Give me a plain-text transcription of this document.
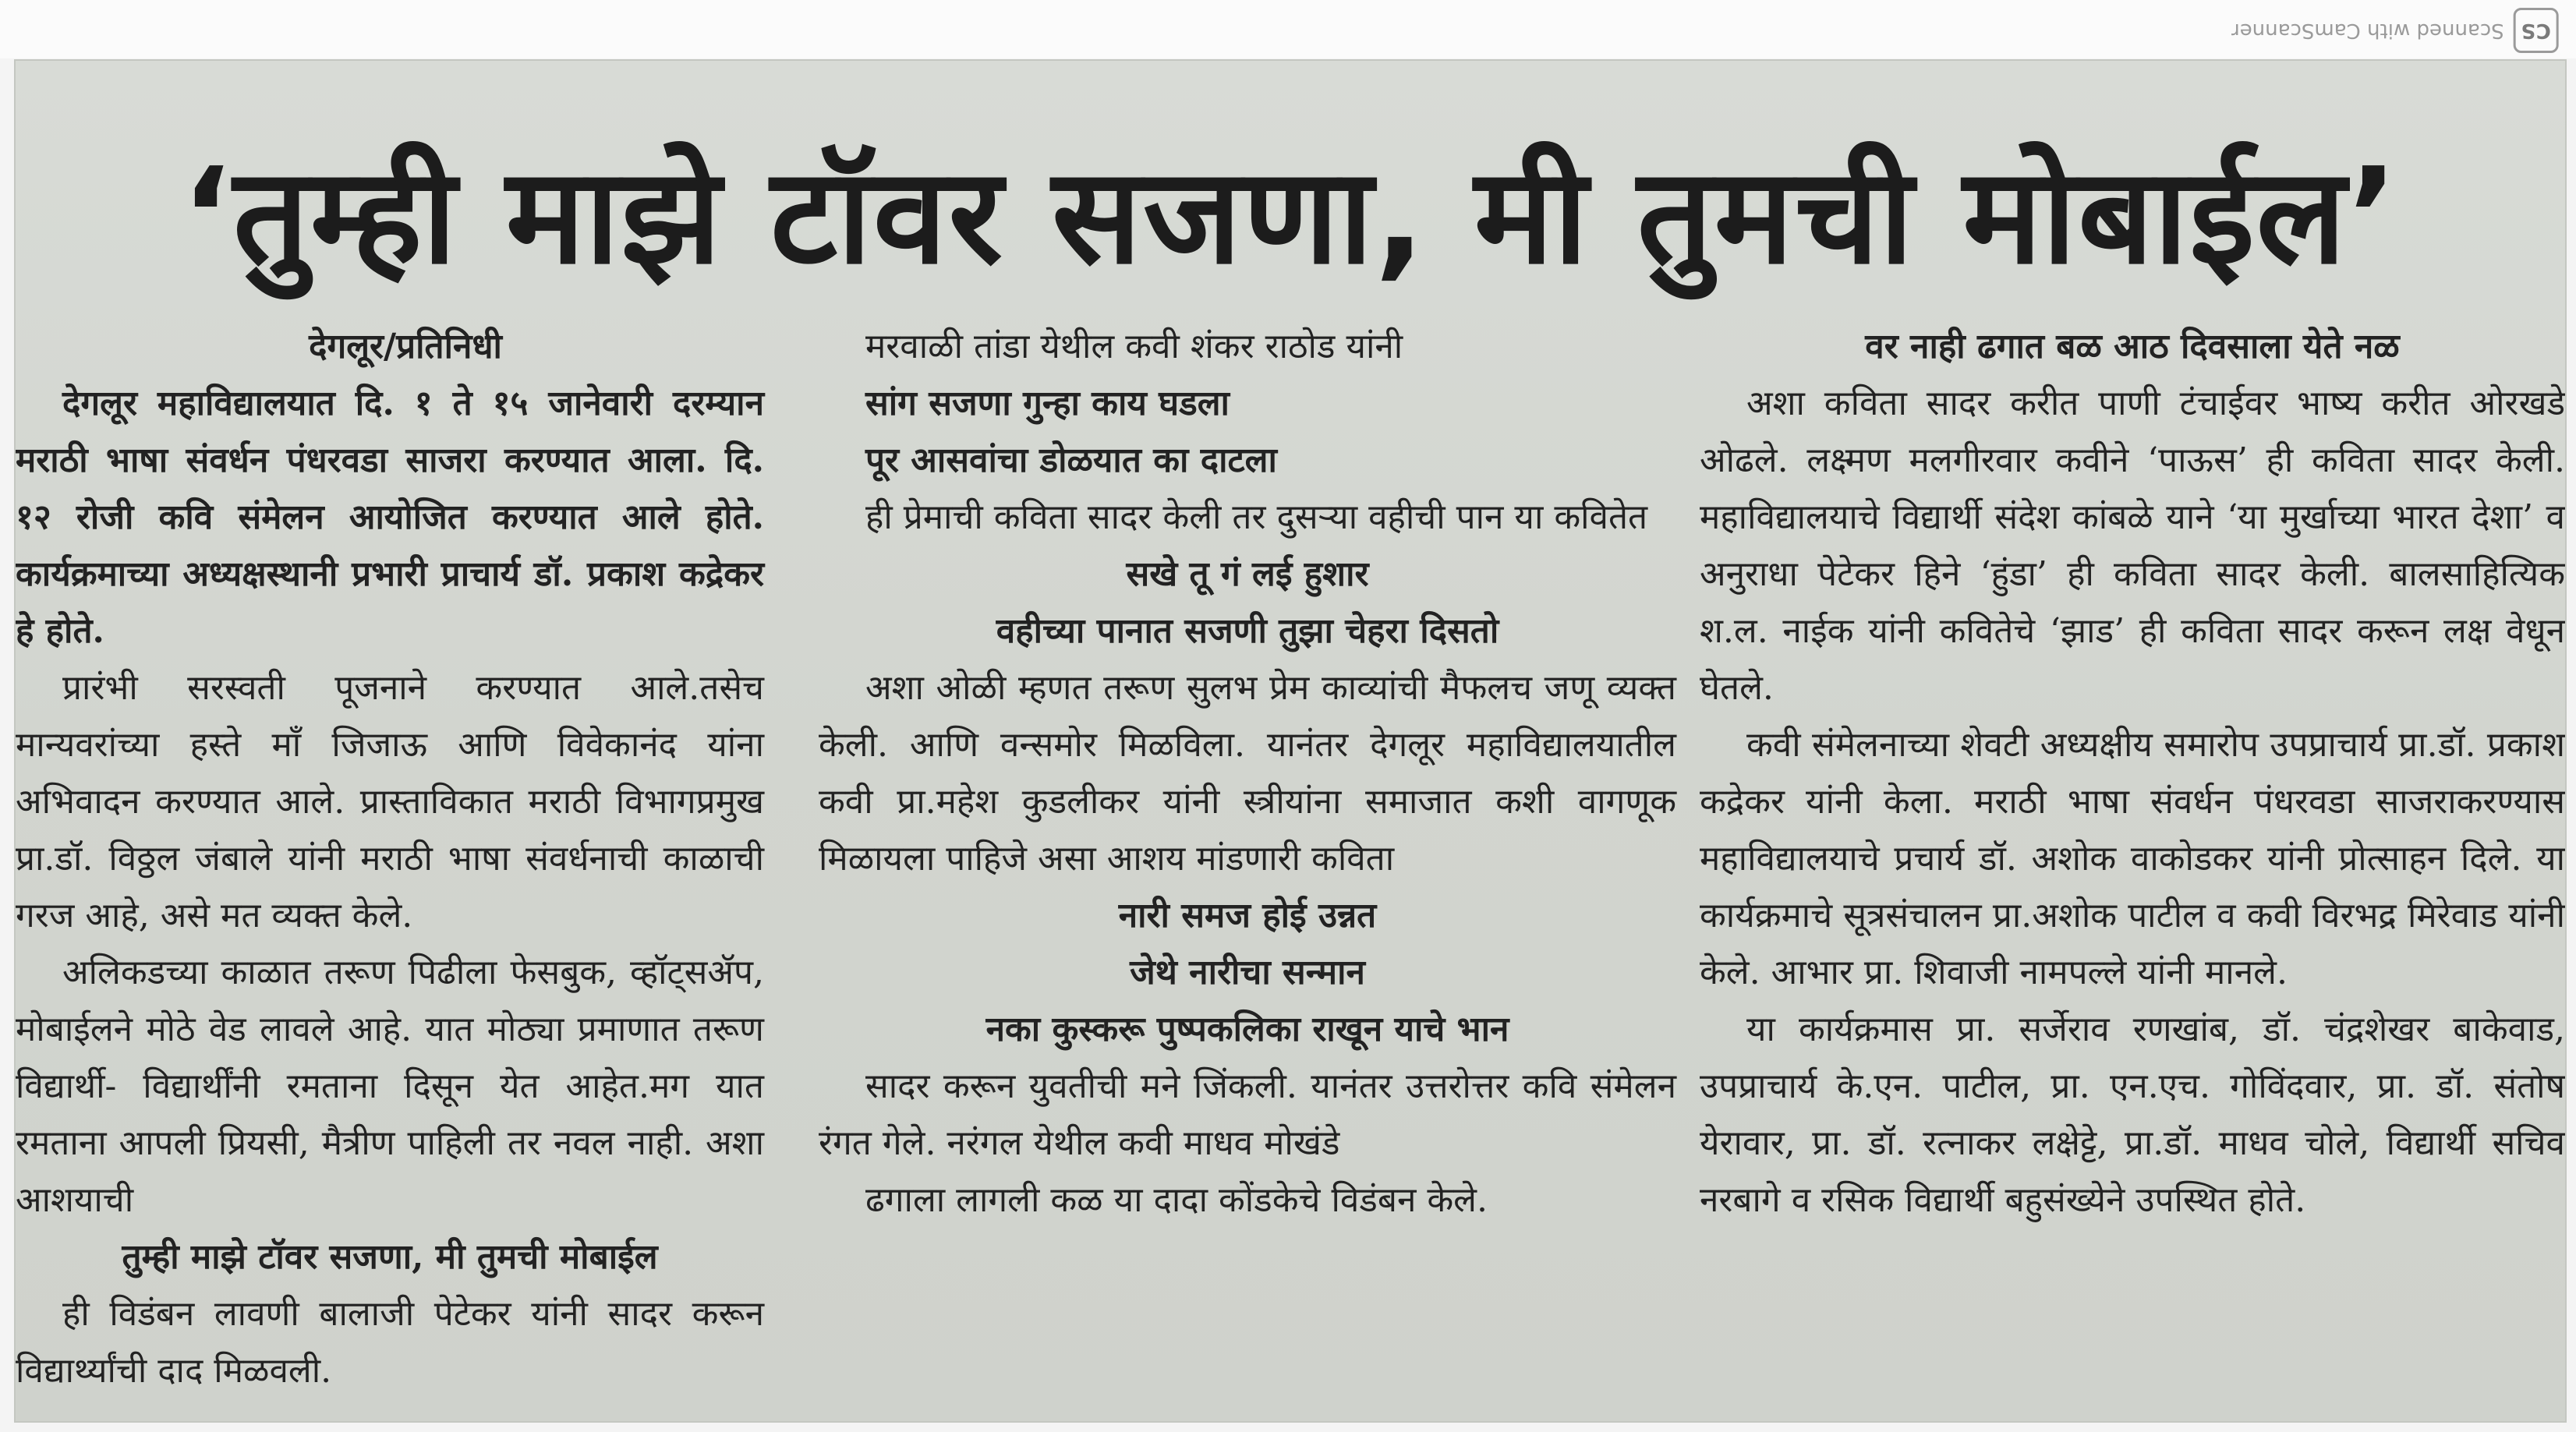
CS
Scanned with CamScanner
‘तुम्ही माझे टॉवर सजणा, मी तुमची मोबाईल’

देगलूर/प्रतिनिधी

देगलूर महाविद्यालयात दि. १ ते १५ जानेवारी दरम्यान मराठी भाषा संवर्धन पंधरवडा साजरा करण्यात आला. दि. १२ रोजी कवि संमेलन आयोजित करण्यात आले होते. कार्यक्रमाच्या अध्यक्षस्थानी प्रभारी प्राचार्य डॉ. प्रकाश कद्रेकर हे होते.

प्रारंभी सरस्वती पूजनाने करण्यात आले.तसेच मान्यवरांच्या हस्ते माँ जिजाऊ आणि विवेकानंद यांना अभिवादन करण्यात आले. प्रास्ताविकात मराठी विभागप्रमुख प्रा.डॉ. विठ्ठल जंबाले यांनी मराठी भाषा संवर्धनाची काळाची गरज आहे, असे मत व्यक्त केले.

अलिकडच्या काळात तरूण पिढीला फेसबुक, व्हॉट्सॲप, मोबाईलने मोठे वेड लावले आहे. यात मोठ्या प्रमाणात तरूण विद्यार्थी- विद्यार्थींनी रमताना दिसून येत आहेत.मग यात रमताना आपली प्रियसी, मैत्रीण पाहिली तर नवल नाही. अशा आशयाची

तुम्ही माझे टॉवर सजणा, मी तुमची मोबाईल

ही विडंबन लावणी बालाजी पेटेकर यांनी सादर करून विद्यार्थ्यांची दाद मिळवली.

मरवाळी तांडा येथील कवी शंकर राठोड यांनी

सांग सजणा गुन्हा काय घडला

पूर आसवांचा डोळयात का दाटला

ही प्रेमाची कविता सादर केली तर दुसऱ्या वहीची पान या कवितेत

सखे तू गं लई हुशार

वहीच्या पानात सजणी तुझा चेहरा दिसतो

अशा ओळी म्हणत तरूण सुलभ प्रेम काव्यांची मैफलच जणू व्यक्त केली. आणि वन्समोर मिळविला. यानंतर देगलूर महाविद्यालयातील कवी प्रा.महेश कुडलीकर यांनी स्त्रीयांना समाजात कशी वागणूक मिळायला पाहिजे असा आशय मांडणारी कविता

नारी समज होई उन्नत

जेथे नारीचा सन्मान

नका कुस्करू पुष्पकलिका राखून याचे भान

सादर करून युवतीची मने जिंकली. यानंतर उत्तरोत्तर कवि संमेलन रंगत गेले. नरंगल येथील कवी माधव मोखंडे

ढगाला लागली कळ या दादा कोंडकेचे विडंबन केले.

वर नाही ढगात बळ आठ दिवसाला येते नळ

अशा कविता सादर करीत पाणी टंचाईवर भाष्य करीत ओरखडे ओढले. लक्ष्मण मलगीरवार कवीने ‘पाऊस’ ही कविता सादर केली. महाविद्यालयाचे विद्यार्थी संदेश कांबळे याने ‘या मुर्खाच्या भारत देशा’ व अनुराधा पेटेकर हिने ‘हुंडा’ ही कविता सादर केली. बालसाहित्यिक श.ल. नाईक यांनी कवितेचे ‘झाड’ ही कविता सादर करून लक्ष वेधून घेतले.

कवी संमेलनाच्या शेवटी अध्यक्षीय समारोप उपप्राचार्य प्रा.डॉ. प्रकाश कद्रेकर यांनी केला. मराठी भाषा संवर्धन पंधरवडा साजराकरण्यास महाविद्यालयाचे प्रचार्य डॉ. अशोक वाकोडकर यांनी प्रोत्साहन दिले. या कार्यक्रमाचे सूत्रसंचालन प्रा.अशोक पाटील व कवी विरभद्र मिरेवाड यांनी केले. आभार प्रा. शिवाजी नामपल्ले यांनी मानले.

या कार्यक्रमास प्रा. सर्जेराव रणखांब, डॉ. चंद्रशेखर बाकेवाड, उपप्राचार्य के.एन. पाटील, प्रा. एन.एच. गोविंदवार, प्रा. डॉ. संतोष येरावार, प्रा. डॉ. रत्नाकर लक्षेट्टे, प्रा.डॉ. माधव चोले, विद्यार्थी सचिव नरबागे व रसिक विद्यार्थी बहुसंख्येने उपस्थित होते.
